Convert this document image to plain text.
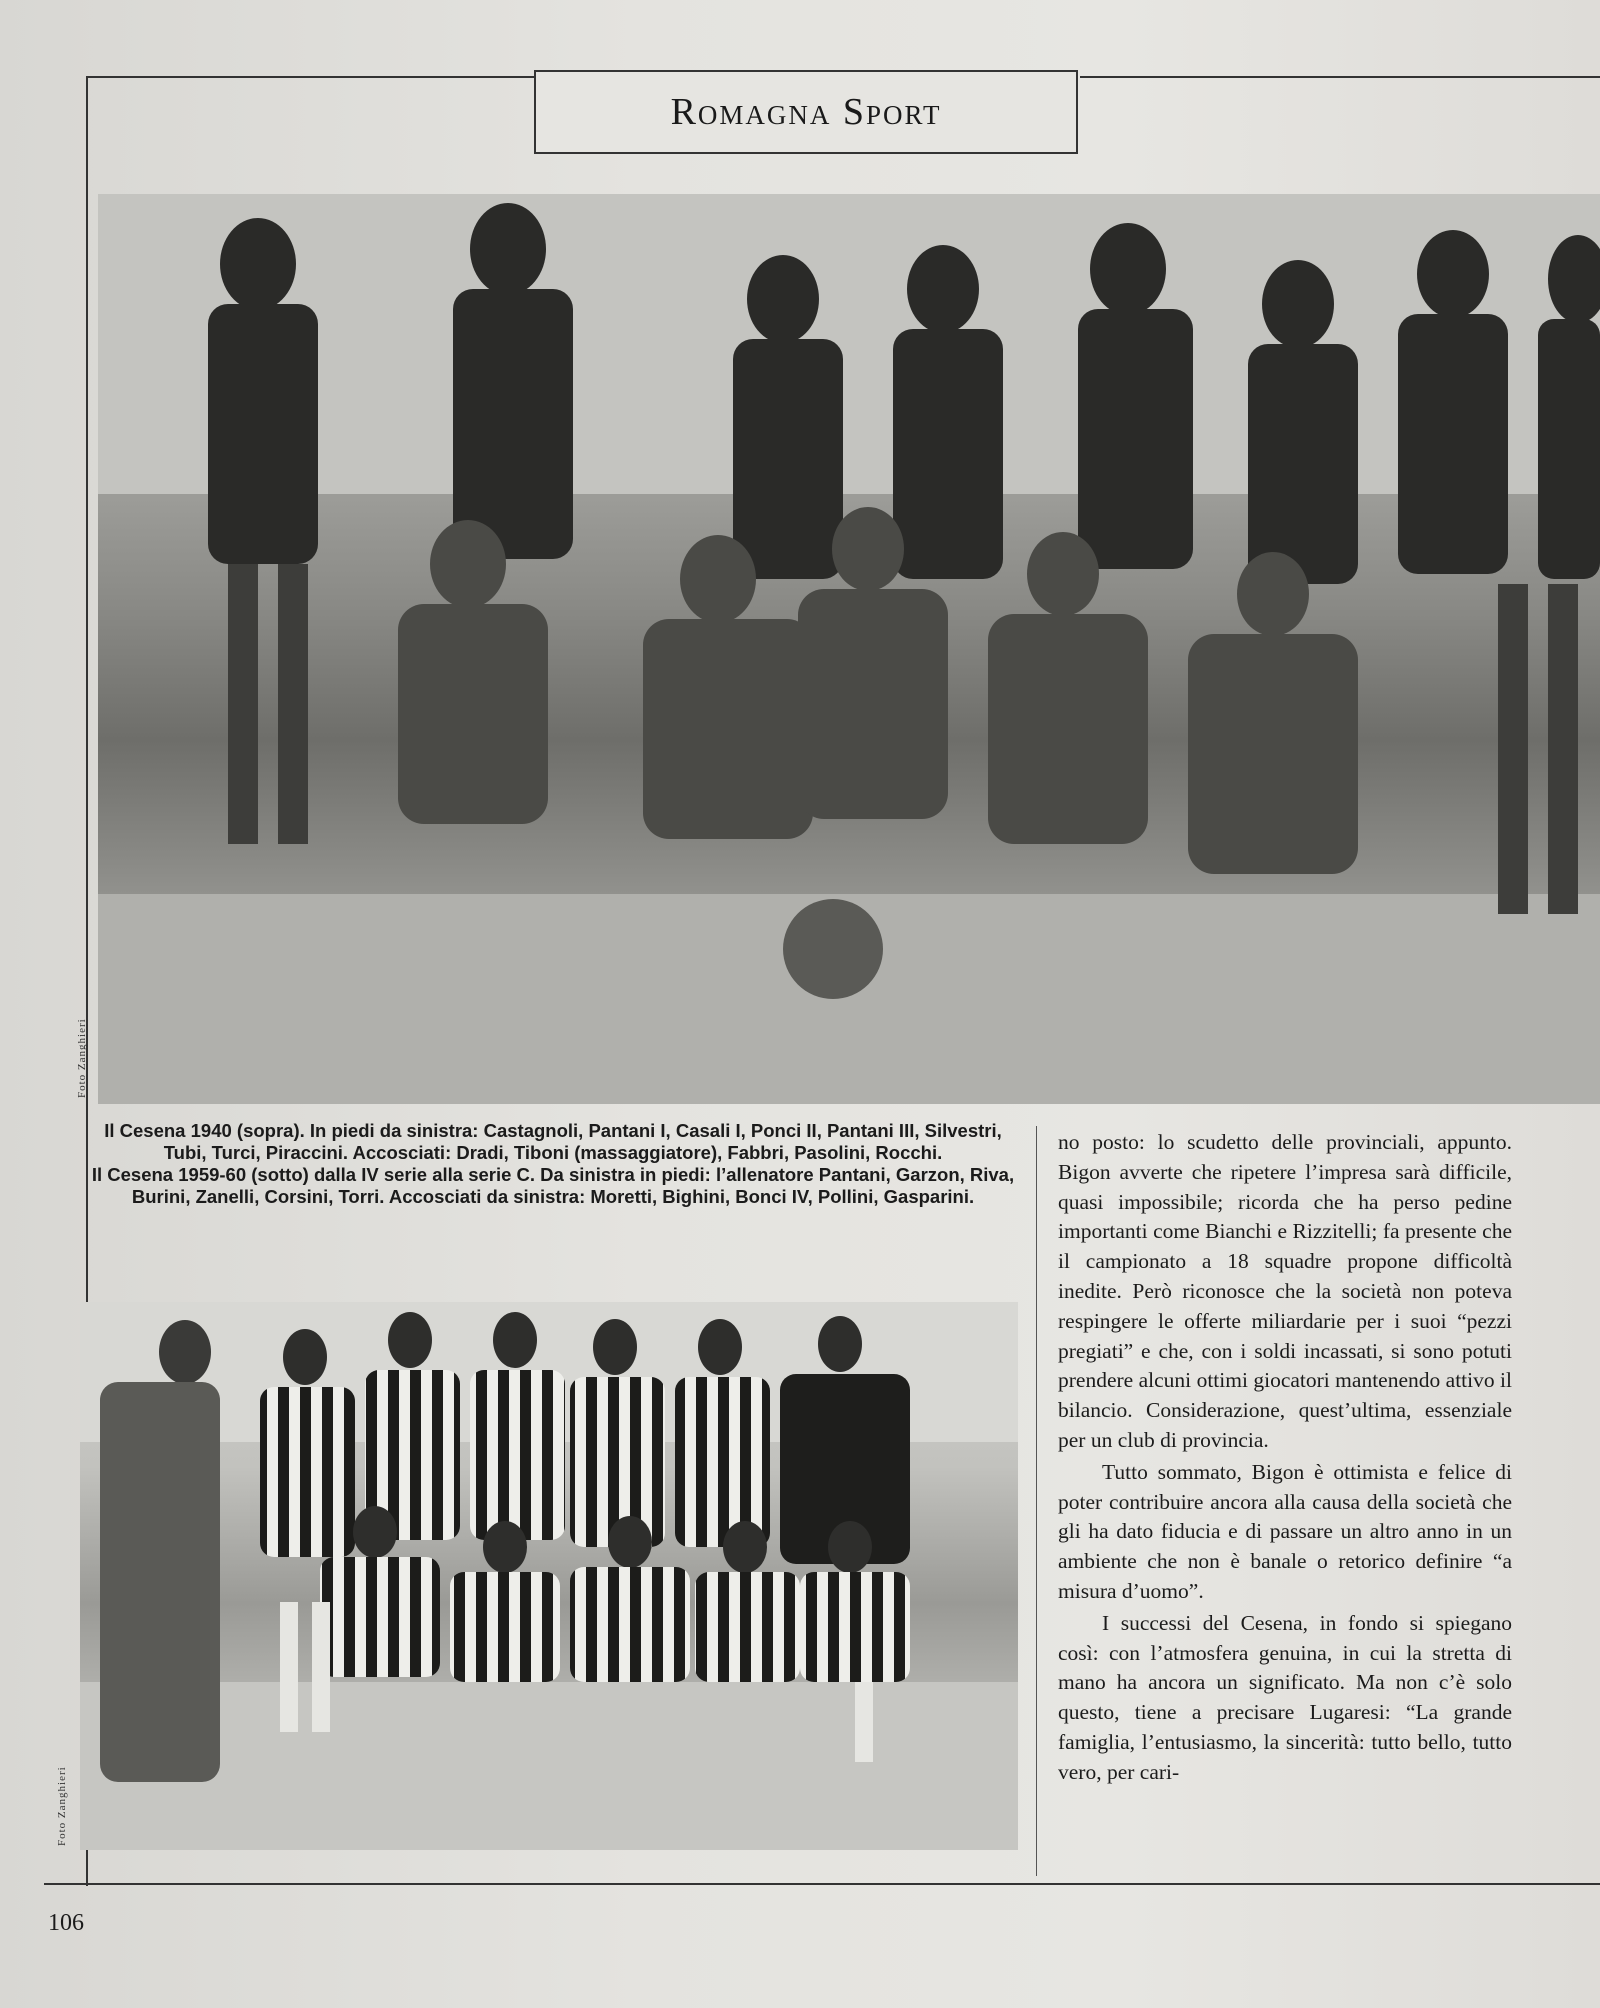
Romagna Sport
Foto Zanghieri

Il Cesena 1940 (sopra). In piedi da sinistra: Castagnoli, Pantani I, Casali I, Ponci II, Pantani III, Silvestri, Tubi, Turci, Piraccini. Accosciati: Dradi, Tiboni (massaggiatore), Fabbri, Pasolini, Rocchi.

Il Cesena 1959-60 (sotto) dalla IV serie alla serie C. Da sinistra in piedi: l’allenatore Pantani, Garzon, Riva, Burini, Zanelli, Corsini, Torri. Accosciati da sinistra: Moretti, Bighini, Bonci IV, Pollini, Gasparini.

Foto Zanghieri

no posto: lo scudetto delle provinciali, appunto. Bigon avverte che ripetere l’impresa sarà difficile, quasi impossibile; ricorda che ha perso pedine importanti come Bianchi e Rizzitelli; fa presente che il campionato a 18 squadre propone difficoltà inedite. Però riconosce che la società non poteva respingere le offerte miliardarie per i suoi “pezzi pregiati” e che, con i soldi incassati, si sono potuti prendere alcuni ottimi giocatori mantenendo attivo il bilancio. Considerazione, quest’ultima, essenziale per un club di provincia.

Tutto sommato, Bigon è ottimista e felice di poter contribuire ancora alla causa della società che gli ha dato fiducia e di passare un altro anno in un ambiente che non è banale o retorico definire “a misura d’uomo”.

I successi del Cesena, in fondo si spiegano così: con l’atmosfera genuina, in cui la stretta di mano ha ancora un significato. Ma non c’è solo questo, tiene a precisare Lugaresi: “La grande famiglia, l’entusiasmo, la sincerità: tutto bello, tutto vero, per cari-

106
